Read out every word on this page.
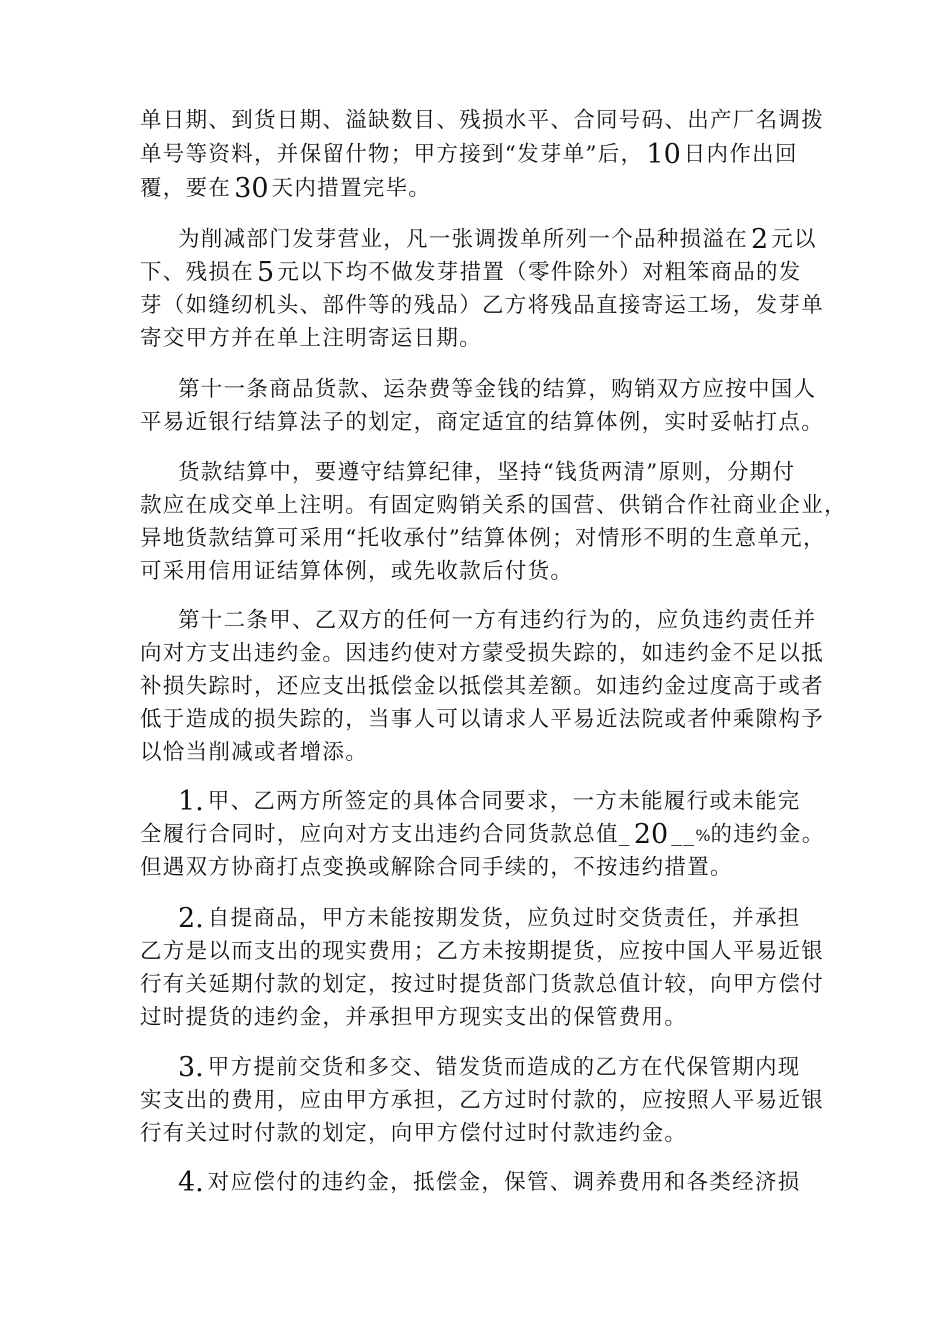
单日期、到货日期、溢缺数目、残损水平、合同号码、出产厂名调拨
单号等资料，并保留什物；甲方接到“发芽单”后， 10 日内作出回
覆，要在 30 天内措置完毕。
为削减部门发芽营业，凡一张调拨单所列一个品种损溢在 2 元以
下、残损在 5 元以下均不做发芽措置（零件除外）对粗笨商品的发
芽（如缝纫机头、部件等的残品）乙方将残品直接寄运工场，发芽单
寄交甲方并在单上注明寄运日期。
第十一条商品货款、运杂费等金钱的结算，购销双方应按中国人
平易近银行结算法子的划定，商定适宜的结算体例，实时妥帖打点。
货款结算中，要遵守结算纪律，坚持“钱货两清”原则，分期付
款应在成交单上注明。有固定购销关系的国营、供销合作社商业企业，
异地货款结算可采用“托收承付”结算体例；对情形不明的生意单元，
可采用信用证结算体例，或先收款后付货。
第十二条甲、乙双方的任何一方有违约行为的，应负违约责任并
向对方支出违约金。因违约使对方蒙受损失踪的，如违约金不足以抵
补损失踪时，还应支出抵偿金以抵偿其差额。如违约金过度高于或者
低于造成的损失踪的，当事人可以请求人平易近法院或者仲乘隙构予
以恰当削减或者增添。
1. 甲、乙两方所签定的具体合同要求，一方未能履行或未能完
全履行合同时，应向对方支出违约合同货款总值_ 20 __%的违约金。
但遇双方协商打点变换或解除合同手续的，不按违约措置。
2. 自提商品，甲方未能按期发货，应负过时交货责任，并承担
乙方是以而支出的现实费用；乙方未按期提货，应按中国人平易近银
行有关延期付款的划定，按过时提货部门货款总值计较，向甲方偿付
过时提货的违约金，并承担甲方现实支出的保管费用。
3. 甲方提前交货和多交、错发货而造成的乙方在代保管期内现
实支出的费用，应由甲方承担，乙方过时付款的，应按照人平易近银
行有关过时付款的划定，向甲方偿付过时付款违约金。
4. 对应偿付的违约金，抵偿金，保管、调养费用和各类经济损
